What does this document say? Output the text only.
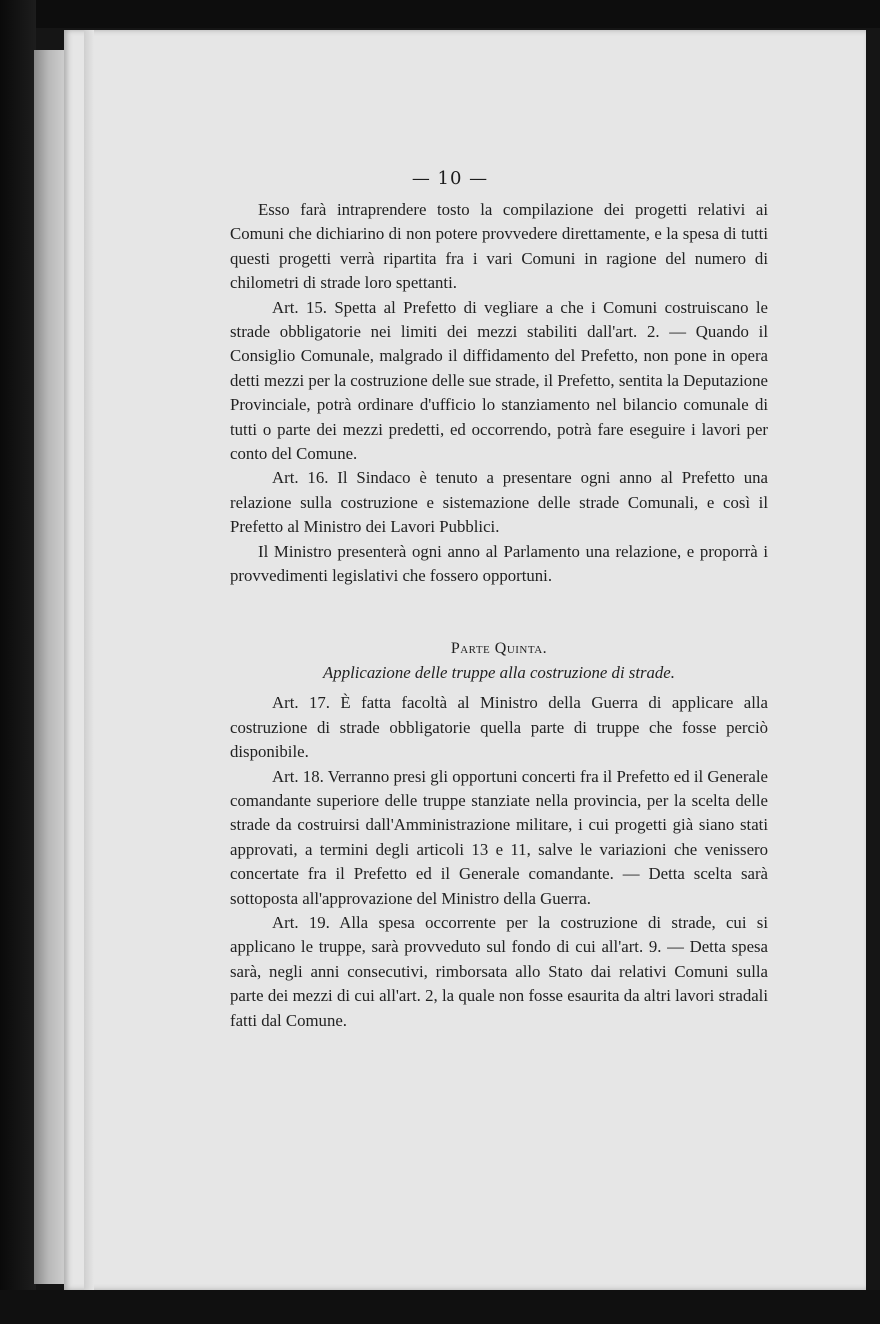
— 10 —

Esso farà intraprendere tosto la compilazione dei progetti relativi ai Comuni che dichiarino di non potere provvedere direttamente, e la spesa di tutti questi progetti verrà ripartita fra i vari Comuni in ragione del numero di chilometri di strade loro spettanti.

Art. 15. Spetta al Prefetto di vegliare a che i Comuni costruiscano le strade obbligatorie nei limiti dei mezzi stabiliti dall'art. 2. — Quando il Consiglio Comunale, malgrado il diffidamento del Prefetto, non pone in opera detti mezzi per la costruzione delle sue strade, il Prefetto, sentita la Deputazione Provinciale, potrà ordinare d'ufficio lo stanziamento nel bilancio comunale di tutti o parte dei mezzi predetti, ed occorrendo, potrà fare eseguire i lavori per conto del Comune.

Art. 16. Il Sindaco è tenuto a presentare ogni anno al Prefetto una relazione sulla costruzione e sistemazione delle strade Comunali, e così il Prefetto al Ministro dei Lavori Pubblici.

Il Ministro presenterà ogni anno al Parlamento una relazione, e proporrà i provvedimenti legislativi che fossero opportuni.

Parte Quinta.
Applicazione delle truppe alla costruzione di strade.

Art. 17. È fatta facoltà al Ministro della Guerra di applicare alla costruzione di strade obbligatorie quella parte di truppe che fosse perciò disponibile.

Art. 18. Verranno presi gli opportuni concerti fra il Prefetto ed il Generale comandante superiore delle truppe stanziate nella provincia, per la scelta delle strade da costruirsi dall'Amministrazione militare, i cui progetti già siano stati approvati, a termini degli articoli 13 e 11, salve le variazioni che venissero concertate fra il Prefetto ed il Generale comandante. — Detta scelta sarà sottoposta all'approvazione del Ministro della Guerra.

Art. 19. Alla spesa occorrente per la costruzione di strade, cui si applicano le truppe, sarà provveduto sul fondo di cui all'art. 9. — Detta spesa sarà, negli anni consecutivi, rimborsata allo Stato dai relativi Comuni sulla parte dei mezzi di cui all'art. 2, la quale non fosse esaurita da altri lavori stradali fatti dal Comune.
